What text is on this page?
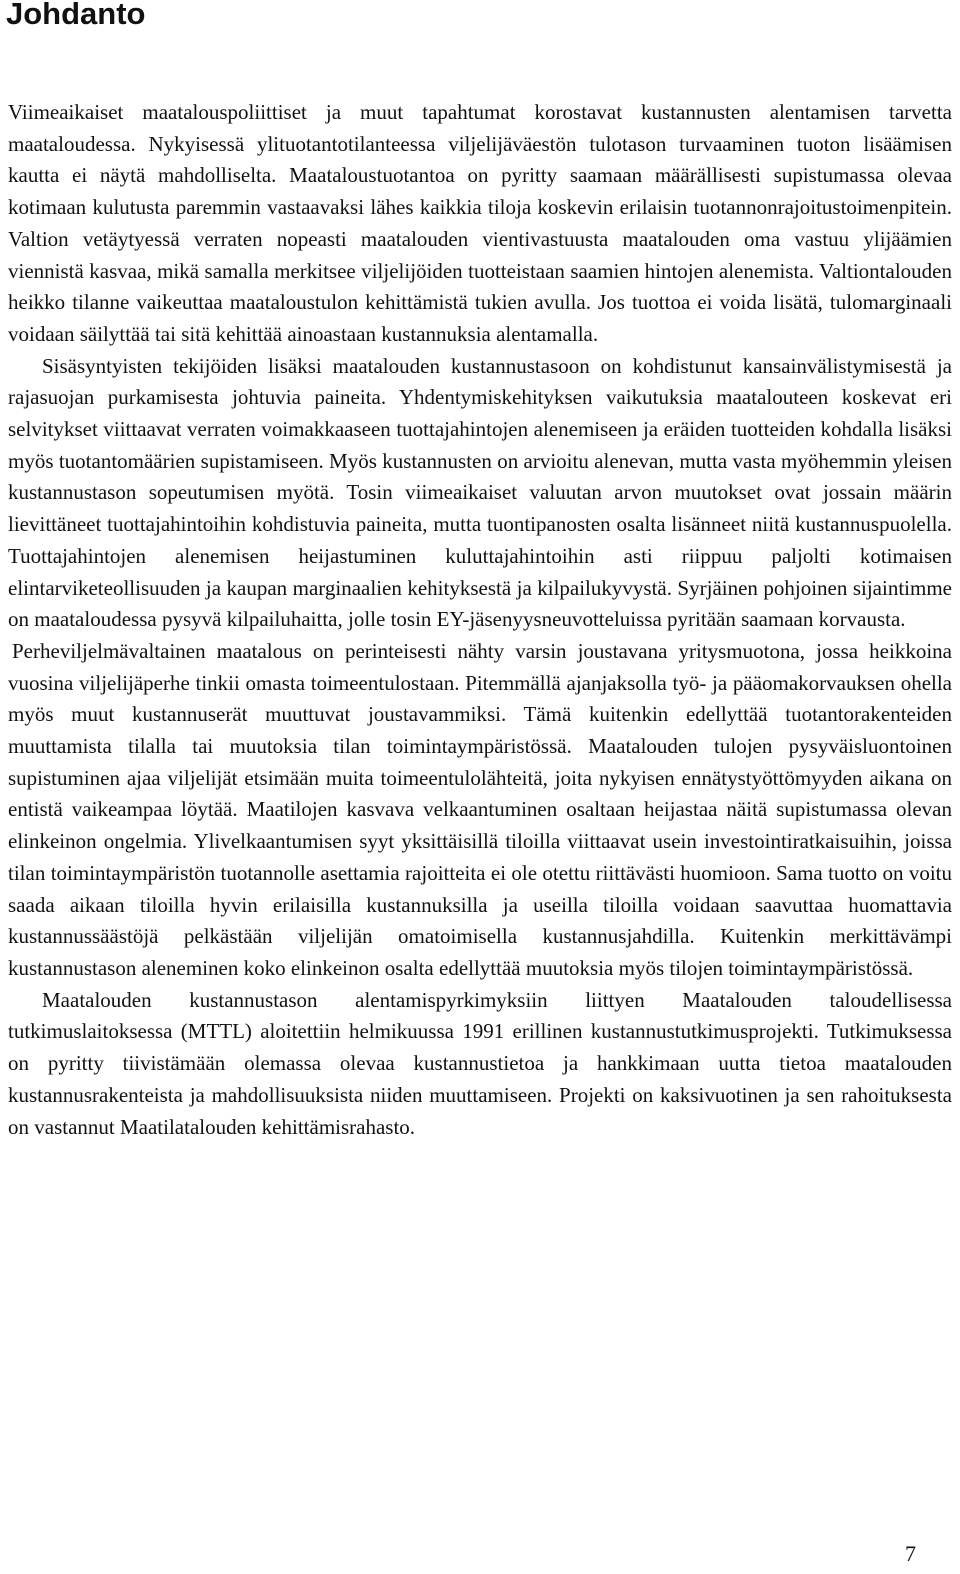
Johdanto

Viimeaikaiset maatalouspoliittiset ja muut tapahtumat korostavat kustannusten alentamisen tarvetta maataloudessa. Nykyisessä ylituotantotilanteessa viljelijäväestön tulotason turvaaminen tuoton lisäämisen kautta ei näytä mahdolliselta. Maataloustuotantoa on pyritty saamaan määrällisesti supistumassa olevaa kotimaan kulutusta paremmin vastaavaksi lähes kaikkia tiloja koskevin erilaisin tuotannonrajoitustoimenpitein. Valtion vetäytyessä verraten nopeasti maatalouden vientivastuusta maatalouden oma vastuu ylijäämien viennistä kasvaa, mikä samalla merkitsee viljelijöiden tuotteistaan saamien hintojen alenemista. Valtiontalouden heikko tilanne vaikeuttaa maataloustulon kehittämistä tukien avulla. Jos tuottoa ei voida lisätä, tulomarginaali voidaan säilyttää tai sitä kehittää ainoastaan kustannuksia alentamalla.

Sisäsyntyisten tekijöiden lisäksi maatalouden kustannustasoon on kohdistunut kansainvälistymisestä ja rajasuojan purkamisesta johtuvia paineita. Yhdentymiskehityksen vaikutuksia maatalouteen koskevat eri selvitykset viittaavat verraten voimakkaaseen tuottajahintojen alenemiseen ja eräiden tuotteiden kohdalla lisäksi myös tuotantomäärien supistamiseen. Myös kustannusten on arvioitu alenevan, mutta vasta myöhemmin yleisen kustannustason sopeutumisen myötä. Tosin viimeaikaiset valuutan arvon muutokset ovat jossain määrin lievittäneet tuottajahintoihin kohdistuvia paineita, mutta tuontipanosten osalta lisänneet niitä kustannuspuolella. Tuottajahintojen alenemisen heijastuminen kuluttajahintoihin asti riippuu paljolti kotimaisen elintarviketeollisuuden ja kaupan marginaalien kehityksestä ja kilpailukyvystä. Syrjäinen pohjoinen sijaintimme on maataloudessa pysyvä kilpailuhaitta, jolle tosin EY-jäsenyysneuvotteluissa pyritään saamaan korvausta.

Perheviljelmävaltainen maatalous on perinteisesti nähty varsin joustavana yritysmuotona, jossa heikkoina vuosina viljelijäperhe tinkii omasta toimeentulostaan. Pitemmällä ajanjaksolla työ- ja pääomakorvauksen ohella myös muut kustannuserät muuttuvat joustavammiksi. Tämä kuitenkin edellyttää tuotantorakenteiden muuttamista tilalla tai muutoksia tilan toimintaympäristössä. Maatalouden tulojen pysyväisluontoinen supistuminen ajaa viljelijät etsimään muita toimeentulolähteitä, joita nykyisen ennätystyöttömyyden aikana on entistä vaikeampaa löytää. Maatilojen kasvava velkaantuminen osaltaan heijastaa näitä supistumassa olevan elinkeinon ongelmia. Ylivelkaantumisen syyt yksittäisillä tiloilla viittaavat usein investointiratkaisuihin, joissa tilan toimintaympäristön tuotannolle asettamia rajoitteita ei ole otettu riittävästi huomioon. Sama tuotto on voitu saada aikaan tiloilla hyvin erilaisilla kustannuksilla ja useilla tiloilla voidaan saavuttaa huomattavia kustannussäästöjä pelkästään viljelijän omatoimisella kustannusjahdilla. Kuitenkin merkittävämpi kustannustason aleneminen koko elinkeinon osalta edellyttää muutoksia myös tilojen toimintaympäristössä.

Maatalouden kustannustason alentamispyrkimyksiin liittyen Maatalouden taloudellisessa tutkimuslaitoksessa (MTTL) aloitettiin helmikuussa 1991 erillinen kustannustutkimusprojekti. Tutkimuksessa on pyritty tiivistämään olemassa olevaa kustannustietoa ja hankkimaan uutta tietoa maatalouden kustannusrakenteista ja mahdollisuuksista niiden muuttamiseen. Projekti on kaksivuotinen ja sen rahoituksesta on vastannut Maatilatalouden kehittämisrahasto.

7
